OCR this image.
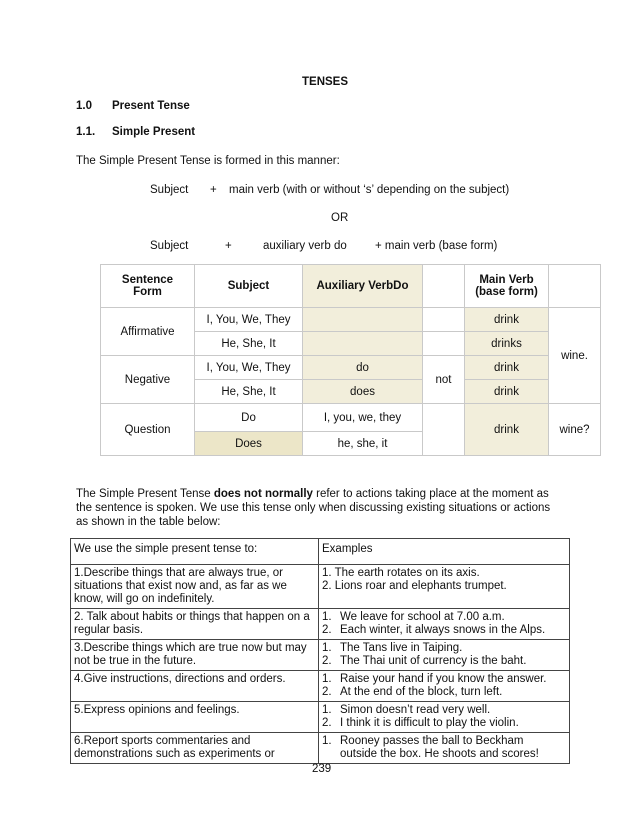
TENSES
1.0 Present Tense
1.1. Simple Present
The Simple Present Tense is formed in this manner:
Subject + main verb (with or without ‘s’ depending on the subject)
OR
Subject	+	auxiliary verb do + main verb (base form)
Sentence Form	Subject	Auxiliary VerbDo		Main Verb (base form)	
Affirmative	I, You, We, They			drink	wine.
	He, She, It			drinks	
Negative	I, You, We, They	do	not	drink	
	He, She, It	does		drink	
Question	Do	I, you, we, they		drink	wine?
	Does	he, she, it			
The Simple Present Tense does not normally refer to actions taking place at the moment as
the sentence is spoken. We use this tense only when discussing existing situations or actions
as shown in the table below:
We use the simple present tense to:	Examples

1.Describe things that are always true, or
situations that exist now and, as far as we
know, will go on indefinitely.	1. The earth rotates on its axis.
2. Lions roar and elephants trumpet.

2. Talk about habits or things that happen on a
regular basis.	1. We leave for school at 7.00 a.m.
2. Each winter, it always snows in the Alps.

3.Describe things which are true now but may
not be true in the future.	1. The Tans live in Taiping.
2. The Thai unit of currency is the baht.

4.Give instructions, directions and orders.	1. Raise your hand if you know the answer.
2. At the end of the block, turn left.

5.Express opinions and feelings.	1. Simon doesn’t read very well.
2. I think it is difficult to play the violin.

6.Report sports commentaries and
demonstrations such as experiments or	1. Rooney passes the ball to Beckham
outside the box. He shoots and scores!
239
